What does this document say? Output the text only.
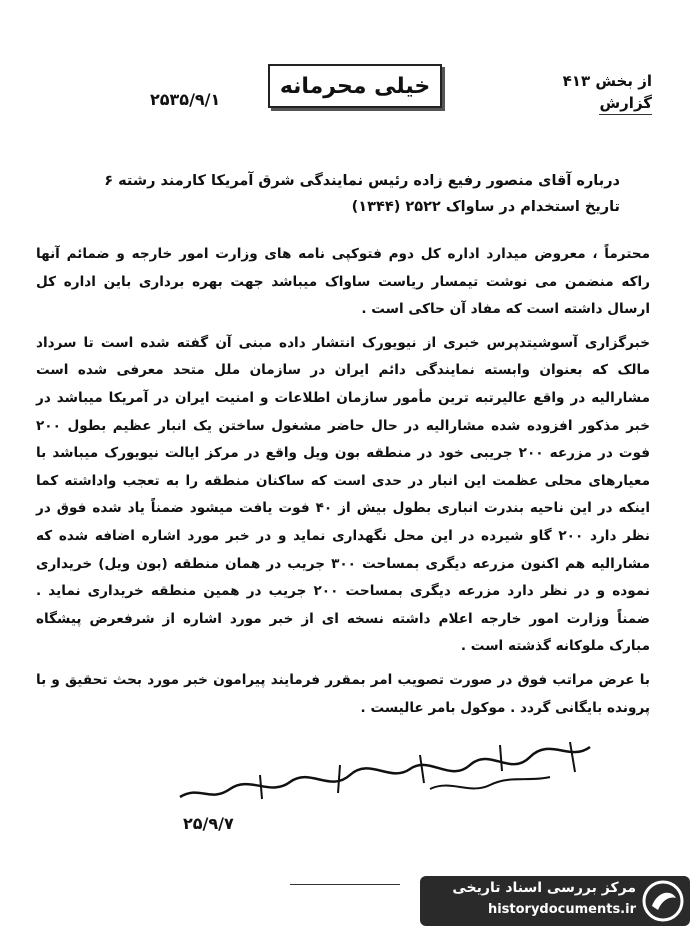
خیلی محرمانه
۲۵۳۵/۹/۱
از بخش ۴۱۳
گزارش
درباره آقای منصور رفیع زاده رئیس نمایندگی شرق آمریکا کارمند رشته ۶
تاریخ استخدام در ساواک ۲۵۲۲ (۱۳۴۴)

محترماً ، معروض میدارد اداره کل دوم فتوکپی نامه های وزارت امور خارجه و ضمائم آنها راکه منضمن می نوشت تیمسار ریاست ساواک میباشد جهت بهره برداری باین اداره کل ارسال داشته است که مفاد آن حاکی است .

خبرگزاری آسوشیتدپرس خبری از نیویورک انتشار داده مبنی آن گفته شده است تا سرداد مالک که بعنوان وابسته نمایندگی دائم ایران در سازمان ملل متحد معرفی شده است مشارالیه در واقع عالیرتبه ترین مأمور سازمان اطلاعات و امنیت ایران در آمریکا میباشد در خبر مذکور افزوده شده مشارالیه در حال حاضر مشغول ساختن یک انبار عظیم بطول ۲۰۰ فوت در مزرعه ۲۰۰ جریبی خود در منطقه بون ویل واقع در مرکز ایالت نیویورک میباشد با معیارهای محلی عظمت این انبار در حدی است که ساکنان منطقه را به تعجب واداشته کما اینکه در این ناحیه بندرت انباری بطول بیش از ۴۰ فوت یافت میشود ضمناً یاد شده فوق در نظر دارد ۲۰۰ گاو شیرده در این محل نگهداری نماید و در خبر مورد اشاره اضافه شده که مشارالیه هم اکنون مزرعه دیگری بمساحت ۳۰۰ جریب در همان منطقه (بون ویل) خریداری نموده و در نظر دارد مزرعه دیگری بمساحت ۲۰۰ جریب در همین منطقه خریداری نماید . ضمناً وزارت امور خارجه اعلام داشته نسخه ای از خبر مورد اشاره از شرفعرض پیشگاه مبارک ملوکانه گذشته است .

با عرض مراتب فوق در صورت تصویب امر بمقرر فرمایند پیرامون خبر مورد بحث تحقیق و با پرونده بایگانی گردد . موکول بامر عالیست .

۲۵/۹/۷
مرکز بررسی اسناد تاریخی
historydocuments.ir
